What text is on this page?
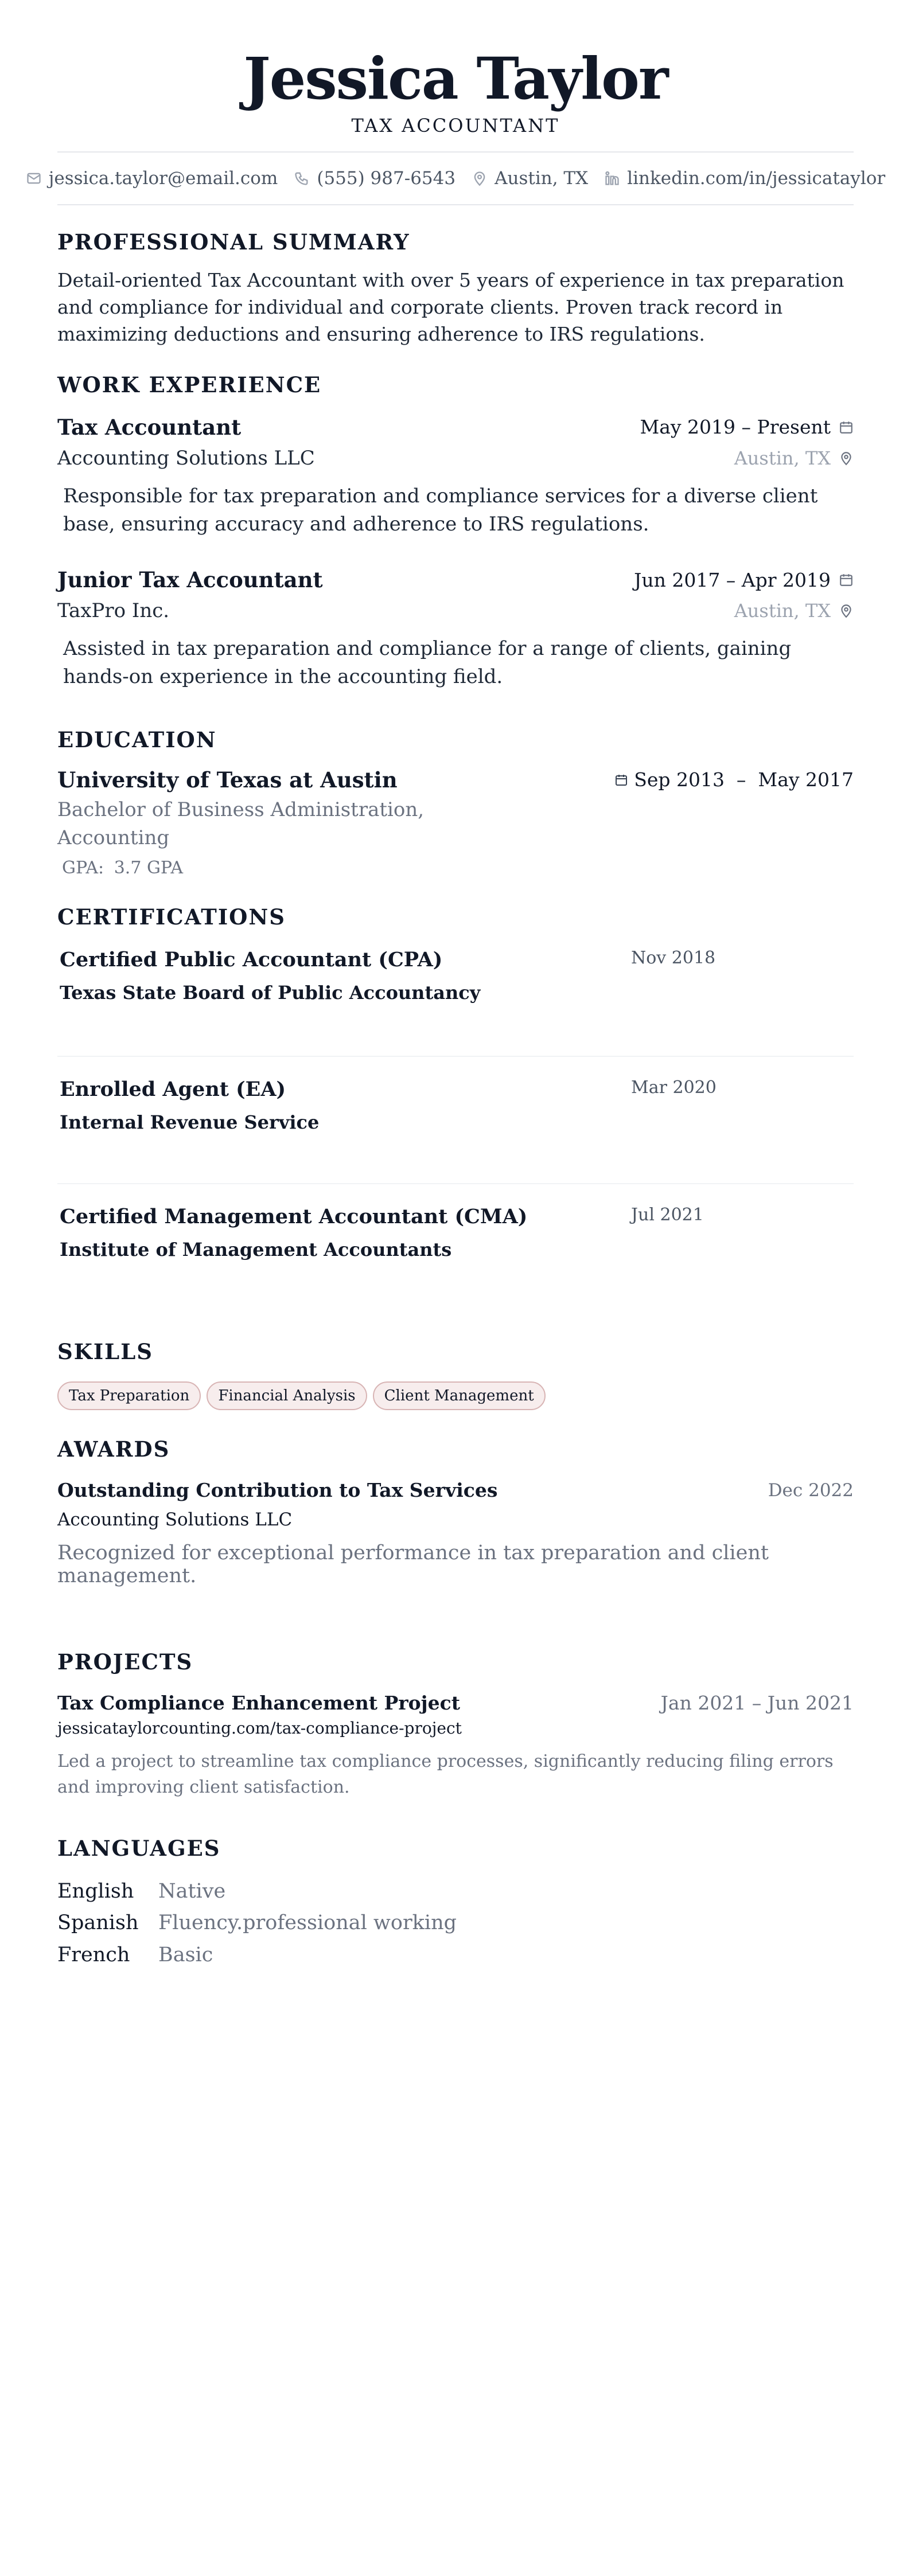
Jessica Taylor
TAX ACCOUNTANT
jessica.taylor@email.com (555) 987-6543 Austin, TX linkedin.com/in/jessicataylor
PROFESSIONAL SUMMARY
Detail-oriented Tax Accountant with over 5 years of experience in tax preparation and compliance for individual and corporate clients. Proven track record in maximizing deductions and ensuring adherence to IRS regulations.
WORK EXPERIENCE
Tax Accountant	May 2019 – Present
Accounting Solutions LLC	Austin, TX
Responsible for tax preparation and compliance services for a diverse client base, ensuring accuracy and adherence to IRS regulations.
Junior Tax Accountant	Jun 2017 – Apr 2019
TaxPro Inc.	Austin, TX
Assisted in tax preparation and compliance for a range of clients, gaining hands-on experience in the accounting field.
EDUCATION
University of Texas at Austin	Sep 2013  –  May 2017
Bachelor of Business Administration, Accounting
GPA: 3.7 GPA
CERTIFICATIONS
Certified Public Accountant (CPA)	Nov 2018
Texas State Board of Public Accountancy
Enrolled Agent (EA)	Mar 2020
Internal Revenue Service
Certified Management Accountant (CMA)	Jul 2021
Institute of Management Accountants
SKILLS
Tax Preparation	Financial Analysis	Client Management
AWARDS
Outstanding Contribution to Tax Services	Dec 2022
Accounting Solutions LLC
Recognized for exceptional performance in tax preparation and client management.
PROJECTS
Tax Compliance Enhancement Project	Jan 2021 – Jun 2021
jessicataylorcounting.com/tax-compliance-project
Led a project to streamline tax compliance processes, significantly reducing filing errors and improving client satisfaction.
LANGUAGES
English	Native
Spanish Fluency.professional working
French	Basic
